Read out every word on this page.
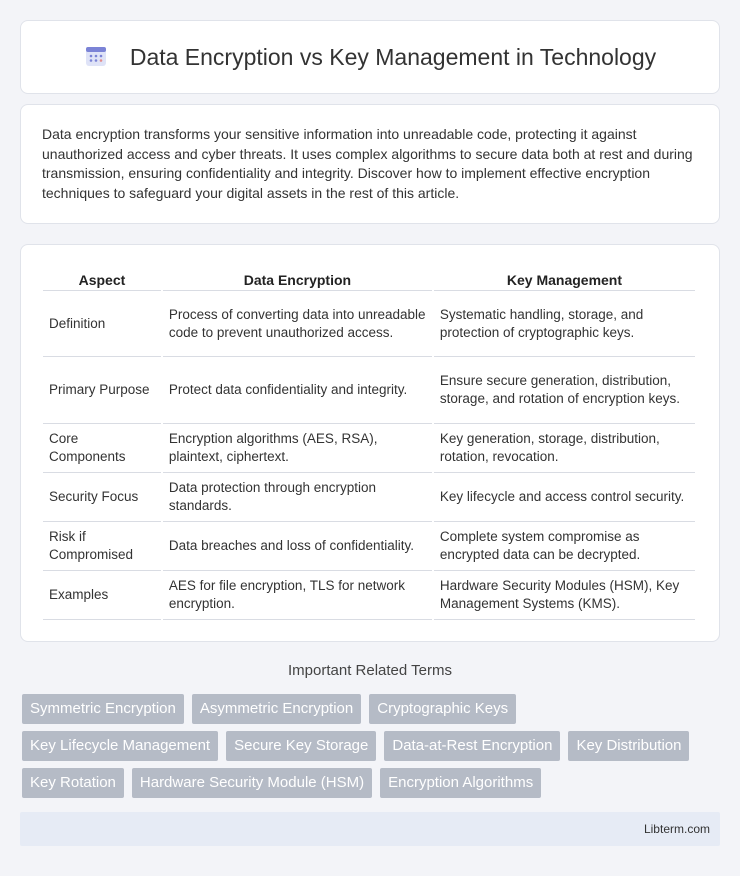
Data Encryption vs Key Management in Technology

Data encryption transforms your sensitive information into unreadable code, protecting it against unauthorized access and cyber threats. It uses complex algorithms to secure data both at rest and during transmission, ensuring confidentiality and integrity. Discover how to implement effective encryption techniques to safeguard your digital assets in the rest of this article.

Aspect	Data Encryption	Key Management
Definition	Process of converting data into unreadable code to prevent unauthorized access.	Systematic handling, storage, and protection of cryptographic keys.
Primary Purpose	Protect data confidentiality and integrity.	Ensure secure generation, distribution, storage, and rotation of encryption keys.
Core Components	Encryption algorithms (AES, RSA), plaintext, ciphertext.	Key generation, storage, distribution, rotation, revocation.
Security Focus	Data protection through encryption standards.	Key lifecycle and access control security.
Risk if Compromised	Data breaches and loss of confidentiality.	Complete system compromise as encrypted data can be decrypted.
Examples	AES for file encryption, TLS for network encryption.	Hardware Security Modules (HSM), Key Management Systems (KMS).
Important Related Terms
Symmetric Encryption	Asymmetric Encryption	Cryptographic Keys
Key Lifecycle Management	Secure Key Storage	Data-at-Rest Encryption	Key Distribution
Key Rotation	Hardware Security Module (HSM)	Encryption Algorithms
Libterm.com
